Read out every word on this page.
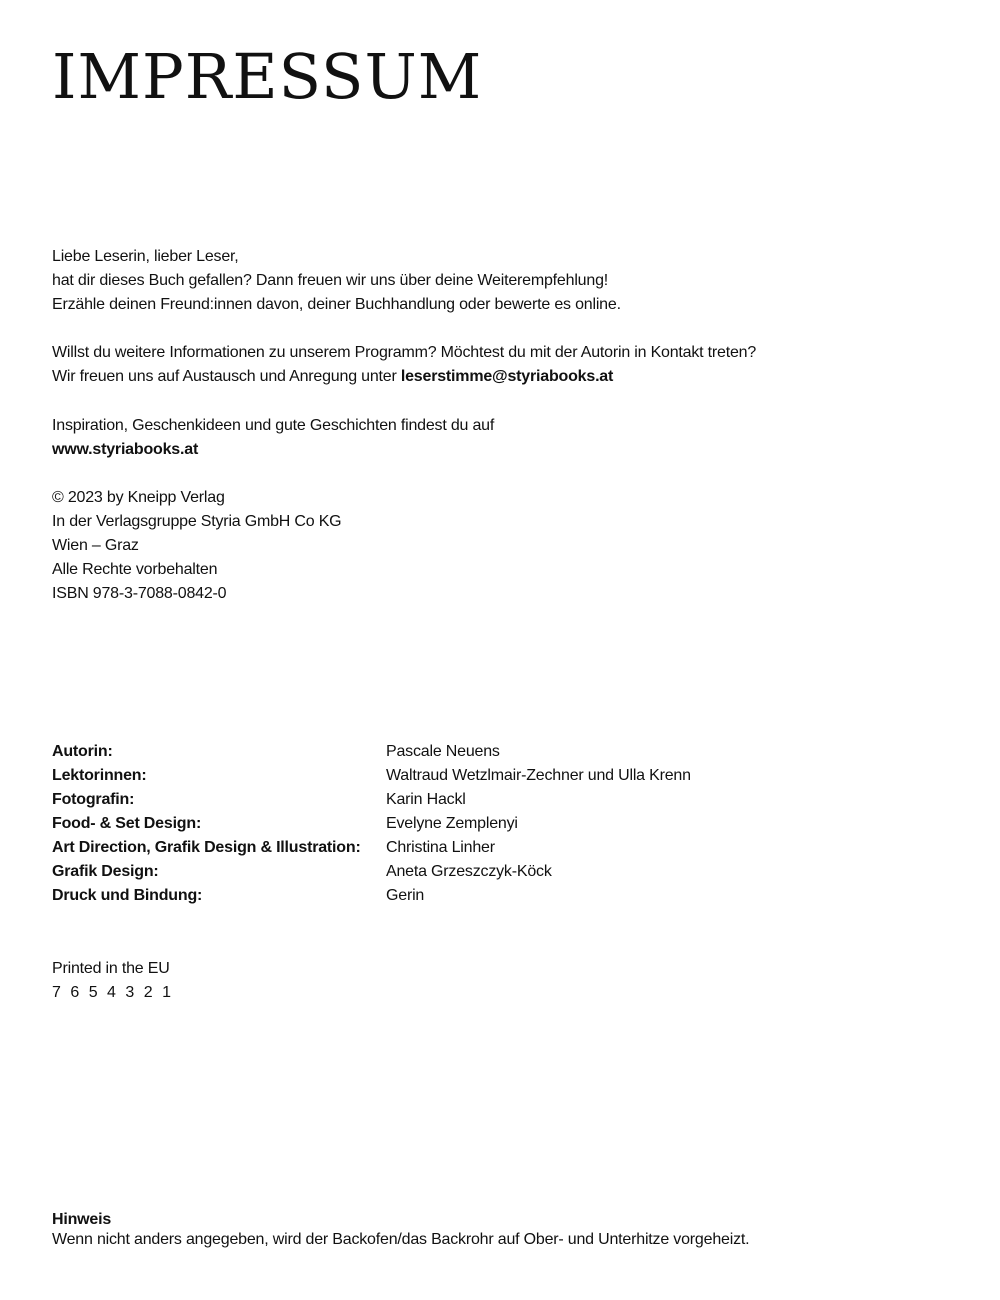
IMPRESSUM
Liebe Leserin, lieber Leser,
hat dir dieses Buch gefallen? Dann freuen wir uns über deine Weiterempfehlung!
Erzähle deinen Freund:innen davon, deiner Buchhandlung oder bewerte es online.
Willst du weitere Informationen zu unserem Programm? Möchtest du mit der Autorin in Kontakt treten?
Wir freuen uns auf Austausch und Anregung unter leserstimme@styriabooks.at
Inspiration, Geschenkideen und gute Geschichten findest du auf
www.styriabooks.at
© 2023 by Kneipp Verlag
In der Verlagsgruppe Styria GmbH Co KG
Wien – Graz
Alle Rechte vorbehalten
ISBN 978-3-7088-0842-0
Autorin:	Pascale Neuens
Lektorinnen:	Waltraud Wetzlmair-Zechner und Ulla Krenn
Fotografin:	Karin Hackl
Food- & Set Design:	Evelyne Zemplenyi
Art Direction, Grafik Design & Illustration:	Christina Linher
Grafik Design:	Aneta Grzeszczyk-Köck
Druck und Bindung:	Gerin
Printed in the EU
7 6 5 4 3 2 1
Hinweis
Wenn nicht anders angegeben, wird der Backofen/das Backrohr auf Ober- und Unterhitze vorgeheizt.
